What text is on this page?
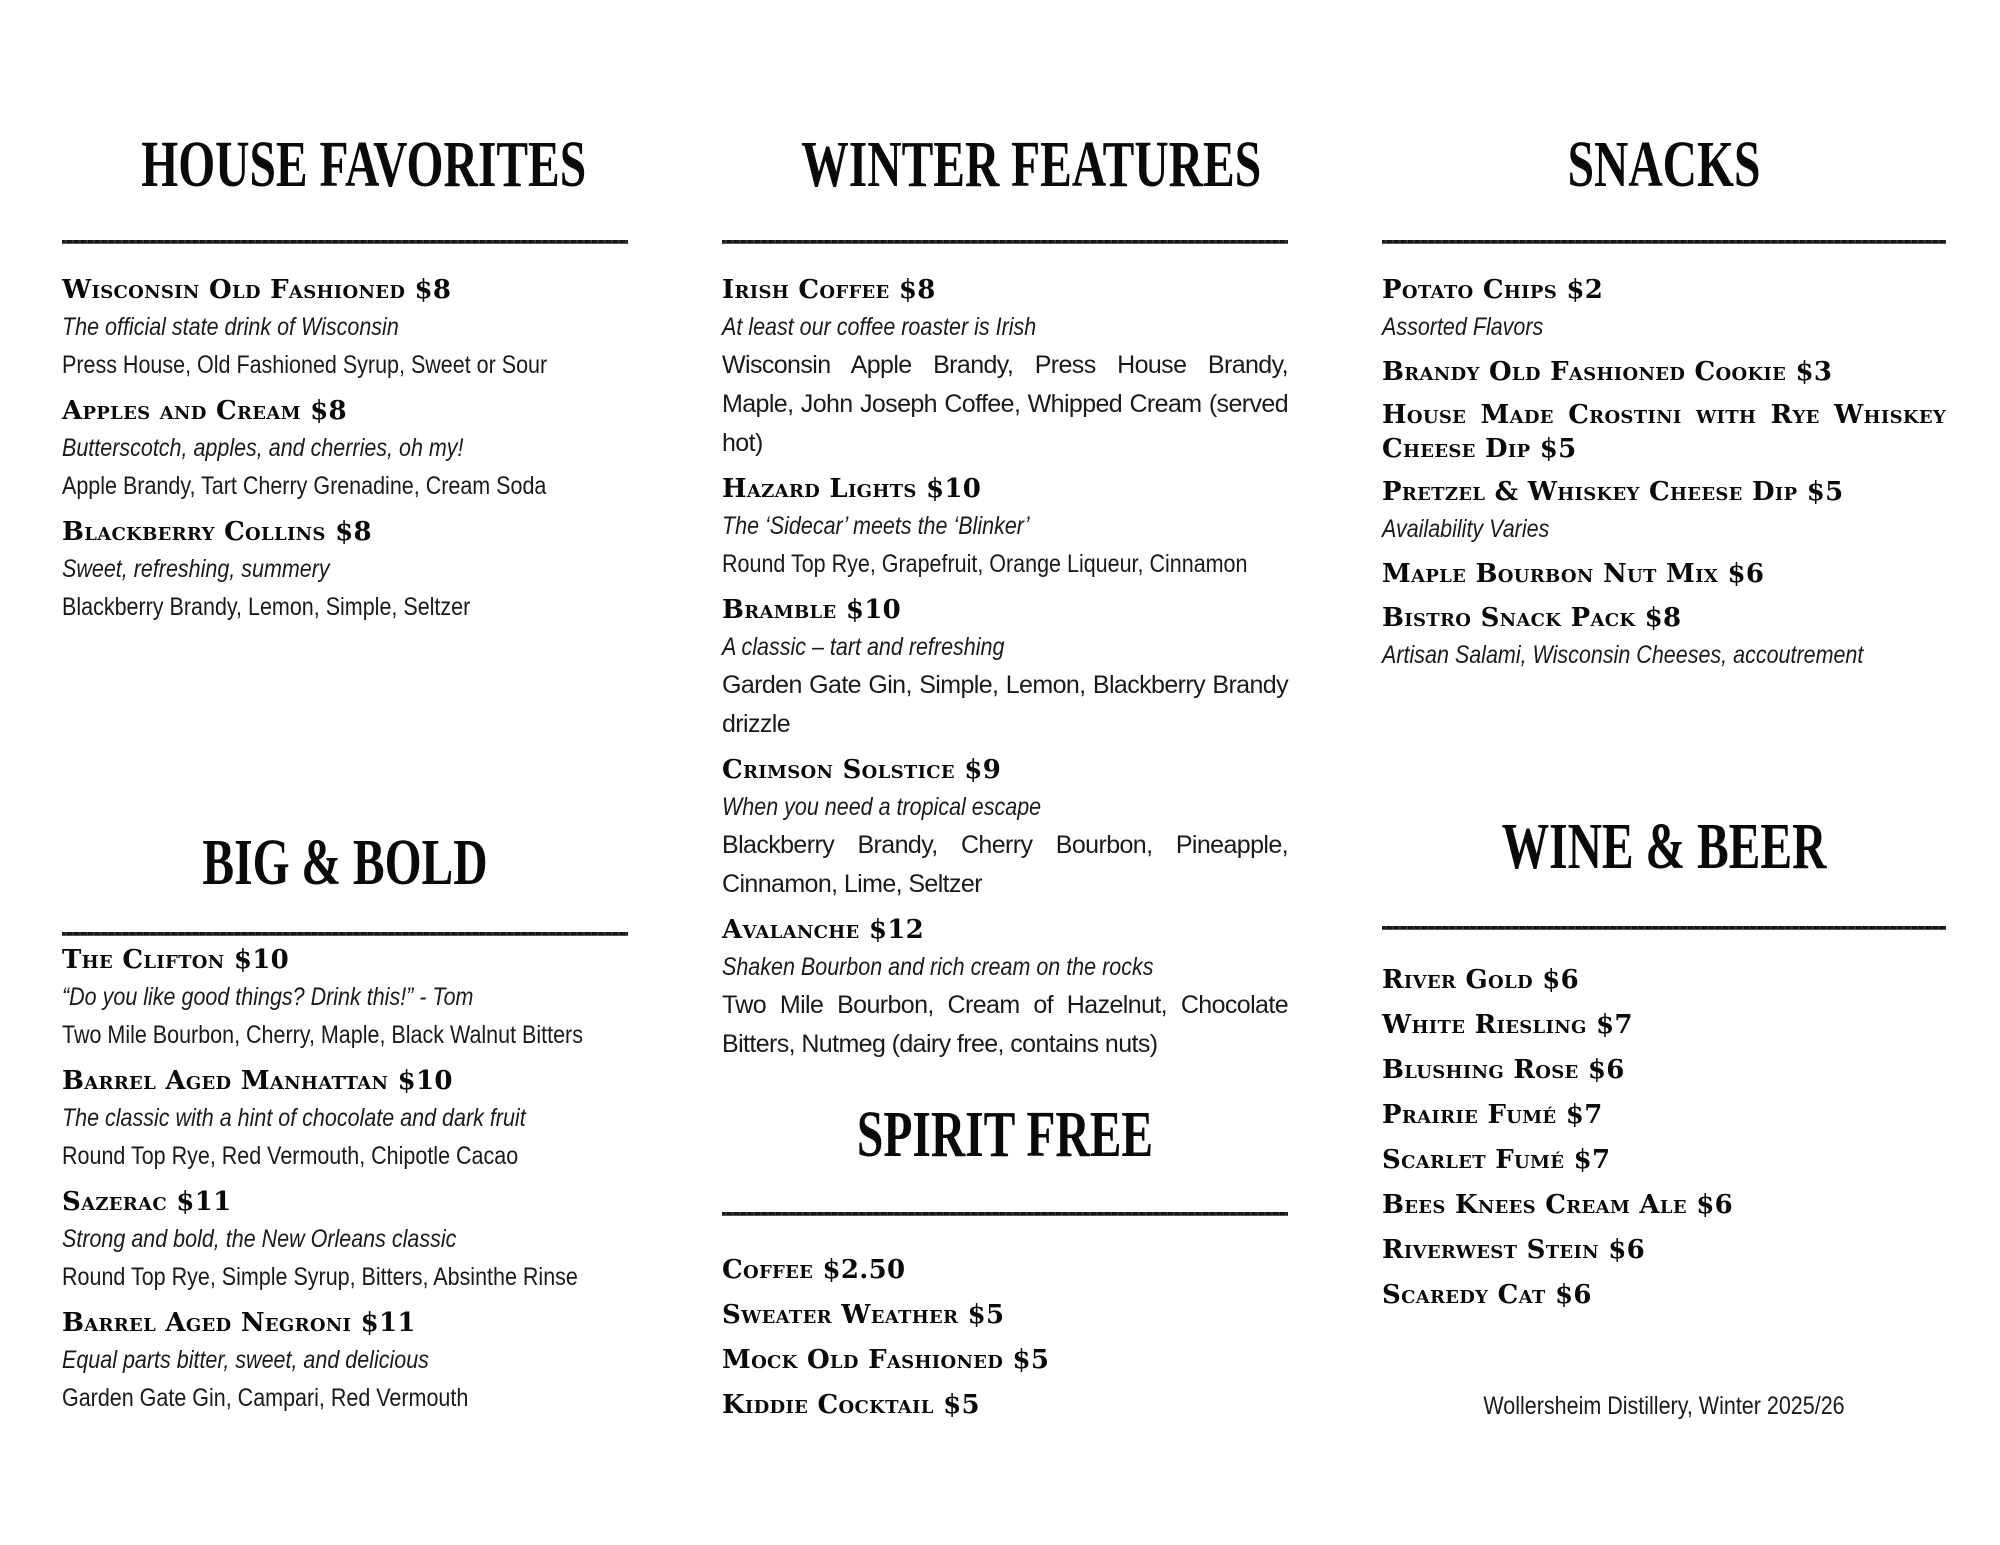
HOUSE FAVORITES
Wisconsin Old Fashioned $8
The official state drink of Wisconsin
Press House, Old Fashioned Syrup, Sweet or Sour
Apples and Cream $8
Butterscotch, apples, and cherries, oh my!
Apple Brandy, Tart Cherry Grenadine, Cream Soda
Blackberry Collins $8
Sweet, refreshing, summery
Blackberry Brandy, Lemon, Simple, Seltzer
BIG & BOLD
The Clifton $10
“Do you like good things? Drink this!” - Tom
Two Mile Bourbon, Cherry, Maple, Black Walnut Bitters
Barrel Aged Manhattan $10
The classic with a hint of chocolate and dark fruit
Round Top Rye, Red Vermouth, Chipotle Cacao
Sazerac $11
Strong and bold, the New Orleans classic
Round Top Rye, Simple Syrup, Bitters, Absinthe Rinse
Barrel Aged Negroni $11
Equal parts bitter, sweet, and delicious
Garden Gate Gin, Campari, Red Vermouth
WINTER FEATURES
Irish Coffee $8
At least our coffee roaster is Irish
Wisconsin Apple Brandy, Press House Brandy, Maple, John Joseph Coffee, Whipped Cream (served hot)
Hazard Lights $10
The ‘Sidecar’ meets the ‘Blinker’
Round Top Rye, Grapefruit, Orange Liqueur, Cinnamon
Bramble $10
A classic – tart and refreshing
Garden Gate Gin, Simple, Lemon, Blackberry Brandy drizzle
Crimson Solstice $9
When you need a tropical escape
Blackberry Brandy, Cherry Bourbon, Pineapple, Cinnamon, Lime, Seltzer
Avalanche $12
Shaken Bourbon and rich cream on the rocks
Two Mile Bourbon, Cream of Hazelnut, Chocolate Bitters, Nutmeg (dairy free, contains nuts)
SPIRIT FREE
Coffee $2.50
Sweater Weather $5
Mock Old Fashioned $5
Kiddie Cocktail $5
SNACKS
Potato Chips $2
Assorted Flavors
Brandy Old Fashioned Cookie $3
House Made Crostini with Rye Whiskey Cheese Dip $5
Pretzel & Whiskey Cheese Dip $5
Availability Varies
Maple Bourbon Nut Mix $6
Bistro Snack Pack $8
Artisan Salami, Wisconsin Cheeses, accoutrement
WINE & BEER
River Gold $6
White Riesling $7
Blushing Rose $6
Prairie Fumé $7
Scarlet Fumé $7
Bees Knees Cream Ale $6
Riverwest Stein $6
Scaredy Cat $6
Wollersheim Distillery, Winter 2025/26
